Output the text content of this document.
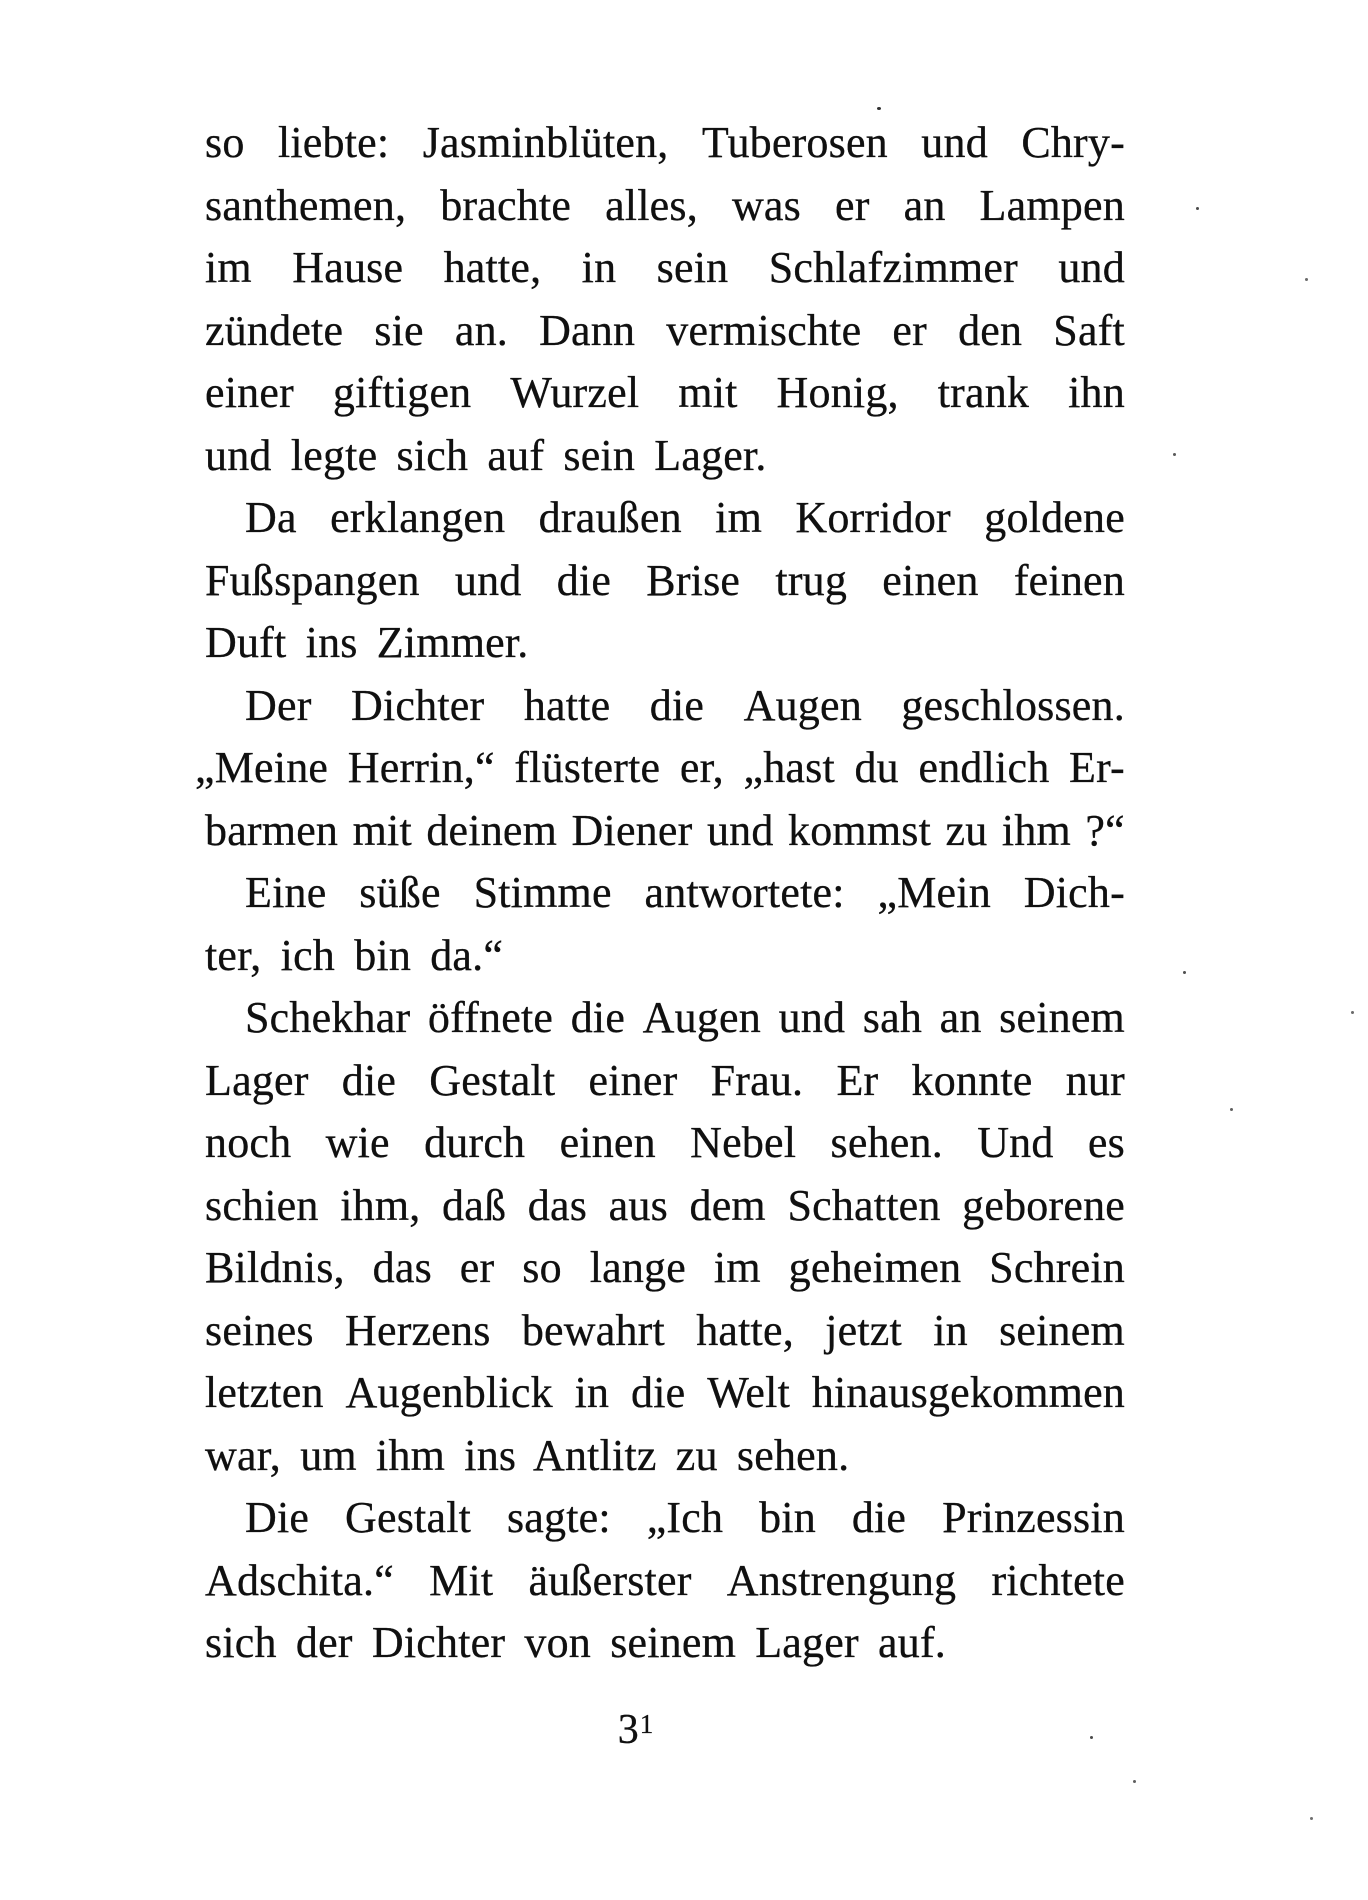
so liebte: Jasminblüten, Tuberosen und Chry-
santhemen, brachte alles, was er an Lampen
im Hause hatte, in sein Schlafzimmer und
zündete sie an. Dann vermischte er den Saft
einer giftigen Wurzel mit Honig, trank ihn
und legte sich auf sein Lager.
Da erklangen draußen im Korridor goldene
Fußspangen und die Brise trug einen feinen
Duft ins Zimmer.
Der Dichter hatte die Augen geschlossen.
„Meine Herrin,“ flüsterte er, „hast du endlich Er-
barmen mit deinem Diener und kommst zu ihm ?“
Eine süße Stimme antwortete: „Mein Dich-
ter, ich bin da.“
Schekhar öffnete die Augen und sah an seinem
Lager die Gestalt einer Frau. Er konnte nur
noch wie durch einen Nebel sehen. Und es
schien ihm, daß das aus dem Schatten geborene
Bildnis, das er so lange im geheimen Schrein
seines Herzens bewahrt hatte, jetzt in seinem
letzten Augenblick in die Welt hinausgekommen
war, um ihm ins Antlitz zu sehen.
Die Gestalt sagte: „Ich bin die Prinzessin
Adschita.“ Mit äußerster Anstrengung richtete
sich der Dichter von seinem Lager auf.
$3^1$
